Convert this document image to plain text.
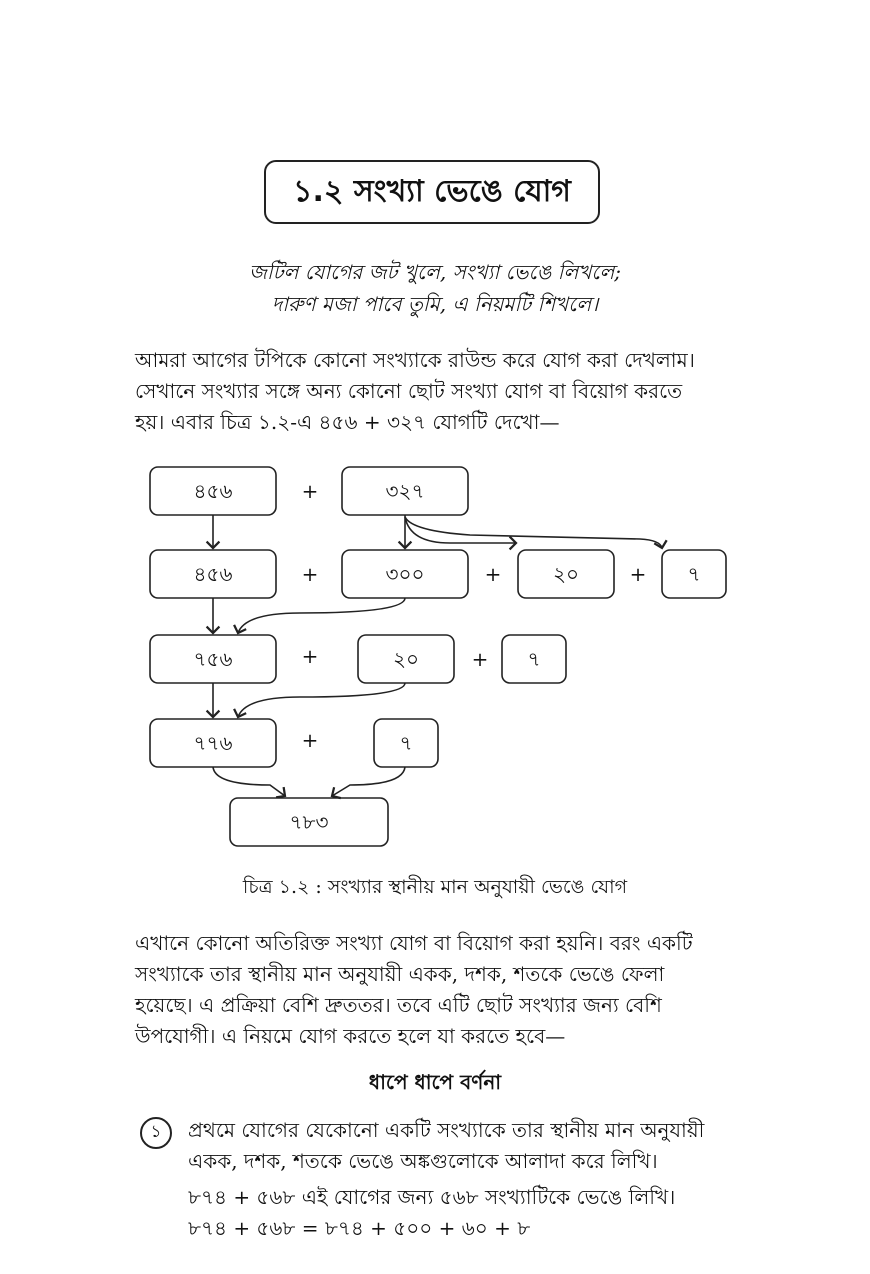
১.২ সংখ্যা ভেঙে যোগ
জটিল যোগের জট খুলে, সংখ্যা ভেঙে লিখলে;
দারুণ মজা পাবে তুমি, এ নিয়মটি শিখলে।

আমরা আগের টপিকে কোনো সংখ্যাকে রাউন্ড করে যোগ করা দেখলাম।

সেখানে সংখ্যার সঙ্গে অন্য কোনো ছোট সংখ্যা যোগ বা বিয়োগ করতে

হয়। এবার চিত্র ১.২-এ ৪৫৬ + ৩২৭ যোগটি দেখো—

৪৫৬	+	৩২৭
৪৫৬	+	৩০০	+	২০	+ ৭
৭৫৬	+	২০	+ ৭
৭৭৬	+	৭
৭৮৩
চিত্র ১.২ : সংখ্যার স্থানীয় মান অনুযায়ী ভেঙে যোগ

এখানে কোনো অতিরিক্ত সংখ্যা যোগ বা বিয়োগ করা হয়নি। বরং একটি

সংখ্যাকে তার স্থানীয় মান অনুযায়ী একক, দশক, শতকে ভেঙে ফেলা

হয়েছে। এ প্রক্রিয়া বেশি দ্রুততর। তবে এটি ছোট সংখ্যার জন্য বেশি

উপযোগী। এ নিয়মে যোগ করতে হলে যা করতে হবে—

ধাপে ধাপে বর্ণনা
১	প্রথমে যোগের যেকোনো একটি সংখ্যাকে তার স্থানীয় মান অনুযায়ী
একক, দশক, শতকে ভেঙে অঙ্কগুলোকে আলাদা করে লিখি।
৮৭৪ + ৫৬৮ এই যোগের জন্য ৫৬৮ সংখ্যাটিকে ভেঙে লিখি।
৮৭৪ + ৫৬৮ = ৮৭৪ + ৫০০ + ৬০ + ৮
